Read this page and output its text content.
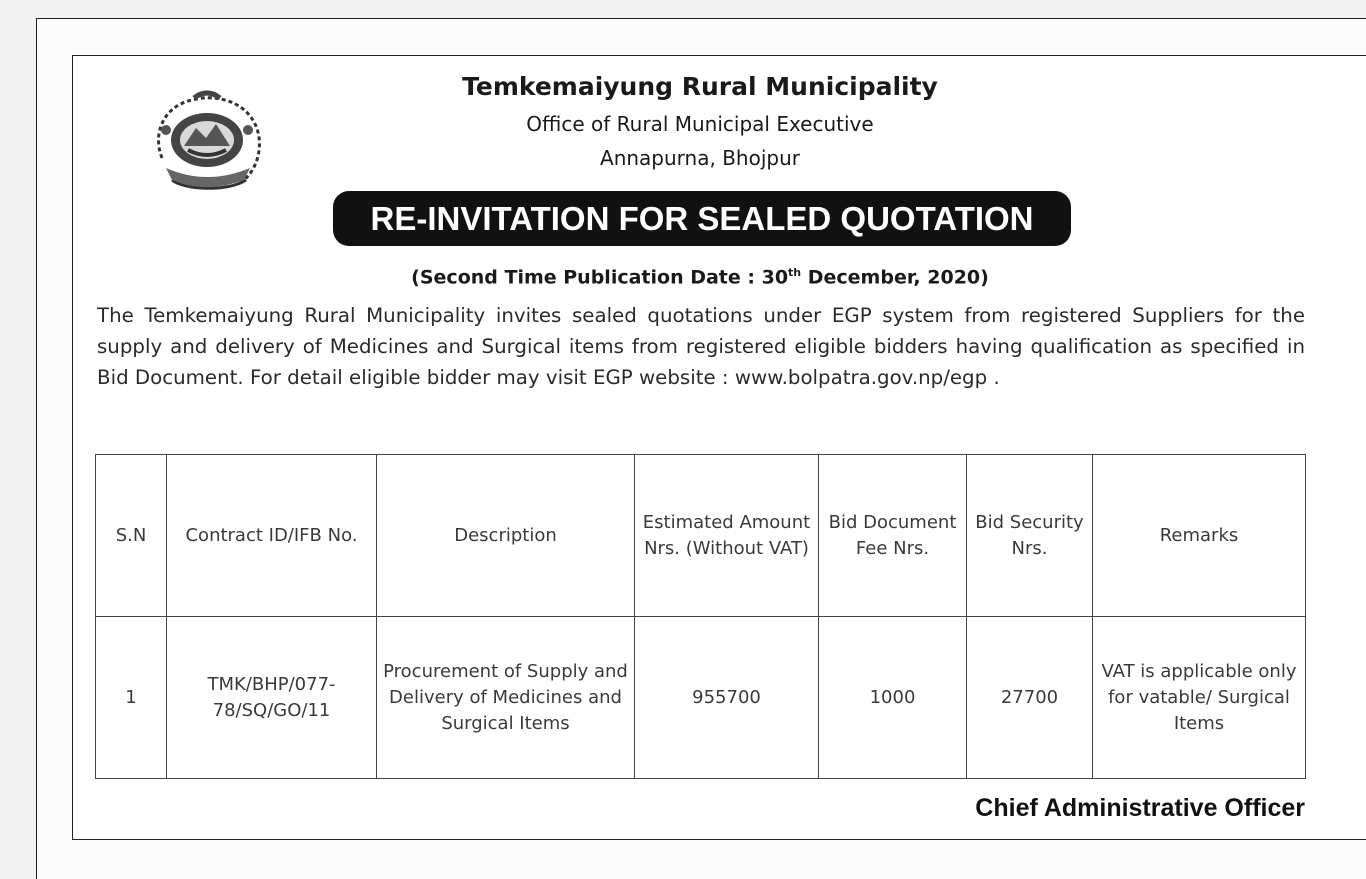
Temkemaiyung Rural Municipality
Office of Rural Municipal Executive
Annapurna, Bhojpur
RE-INVITATION FOR SEALED QUOTATION
(Second Time Publication Date : 30th December, 2020)
The Temkemaiyung Rural Municipality invites sealed quotations under EGP system from registered Suppliers for the supply and delivery of Medicines and Surgical items from registered eligible bidders having qualification as specified in Bid Document. For detail eligible bidder may visit EGP website : www.bolpatra.gov.np/egp .
S.N	Contract ID/IFB No.	Description	Estimated Amount Nrs. (Without VAT)	Bid Document Fee Nrs.	Bid Security Nrs.	Remarks
1	TMK/BHP/077-78/SQ/GO/11	Procurement of Supply and Delivery of Medicines and Surgical Items	955700	1000	27700	VAT is applicable only for vatable/ Surgical Items
Chief Administrative Officer
